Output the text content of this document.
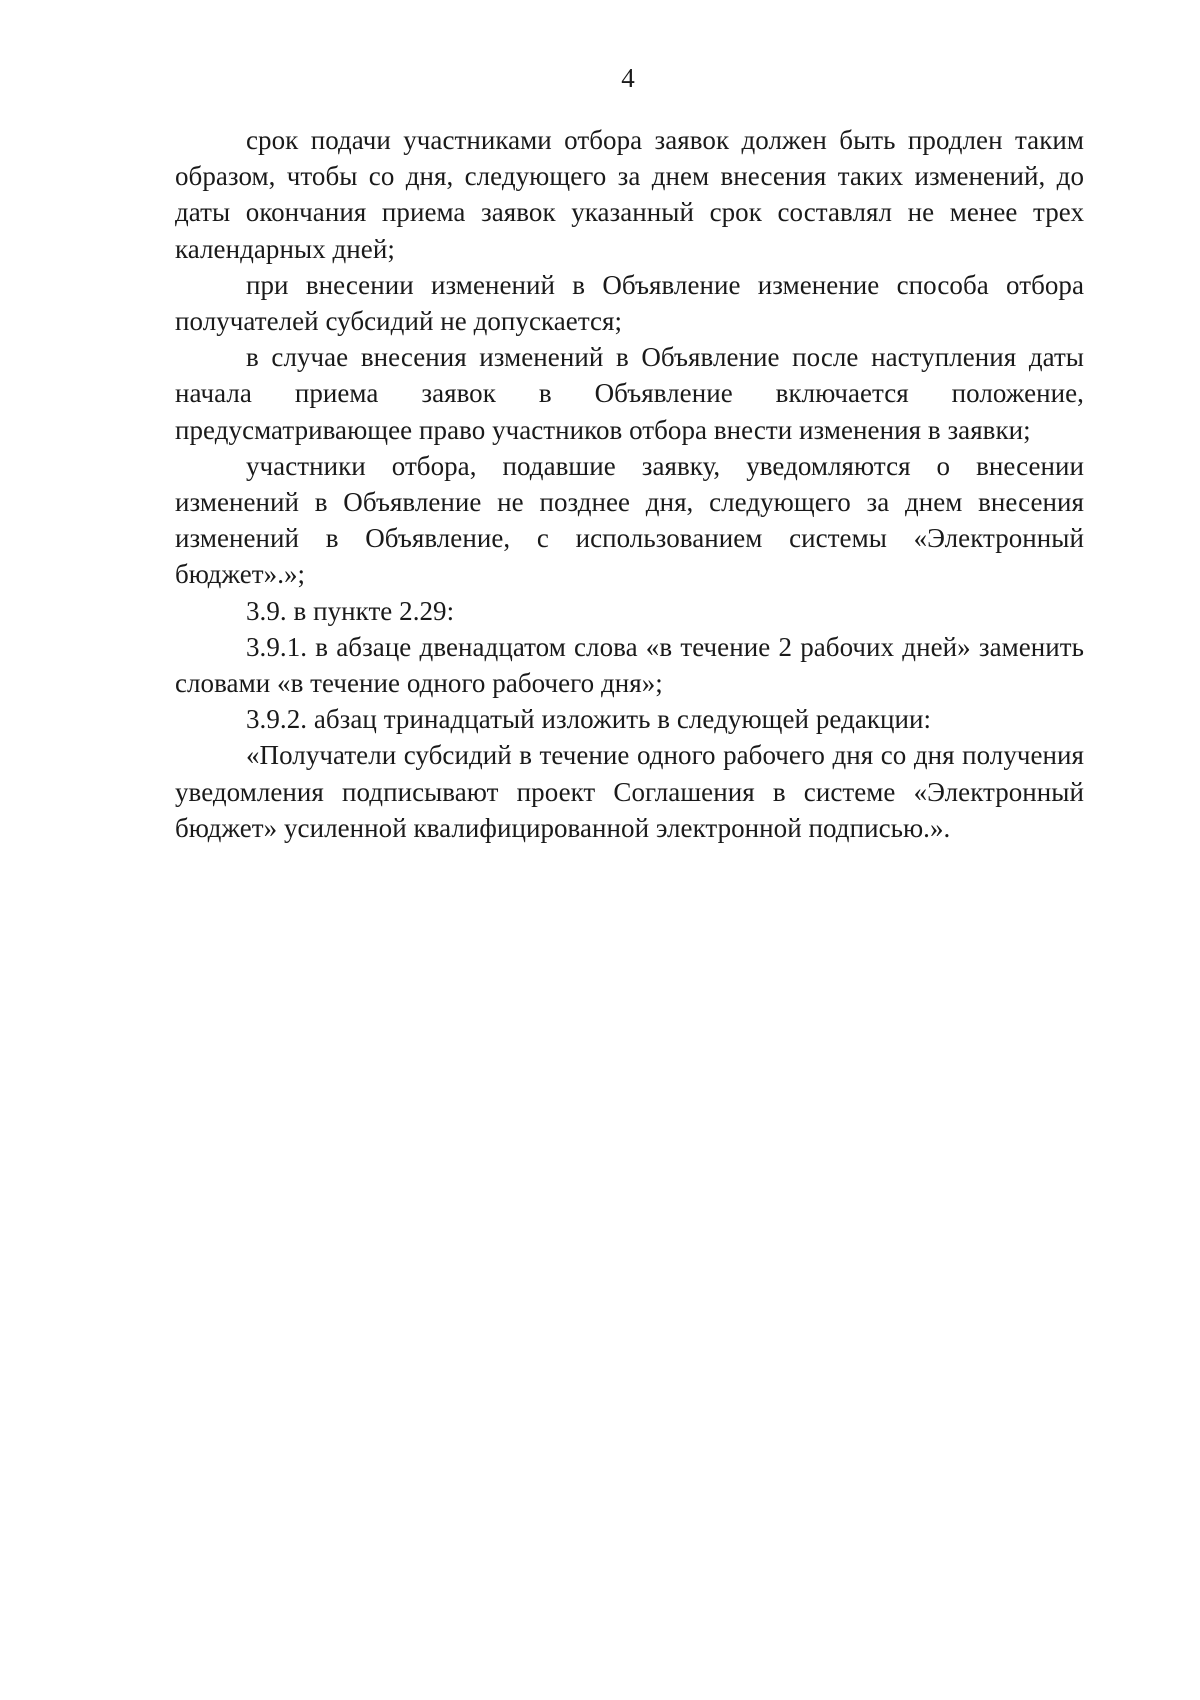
4

срок подачи участниками отбора заявок должен быть продлен таким образом, чтобы со дня, следующего за днем внесения таких изменений, до даты окончания приема заявок указанный срок составлял не менее трех календарных дней;

при внесении изменений в Объявление изменение способа отбора получателей субсидий не допускается;

в случае внесения изменений в Объявление после наступления даты начала приема заявок в Объявление включается положение, предусматривающее право участников отбора внести изменения в заявки;

участники отбора, подавшие заявку, уведомляются о внесении изменений в Объявление не позднее дня, следующего за днем внесения изменений в Объявление, с использованием системы «Электронный бюджет».»;

3.9. в пункте 2.29:

3.9.1. в абзаце двенадцатом слова «в течение 2 рабочих дней» заменить словами «в течение одного рабочего дня»;

3.9.2. абзац тринадцатый изложить в следующей редакции:

«Получатели субсидий в течение одного рабочего дня со дня получения уведомления подписывают проект Соглашения в системе «Электронный бюджет» усиленной квалифицированной электронной подписью.».
